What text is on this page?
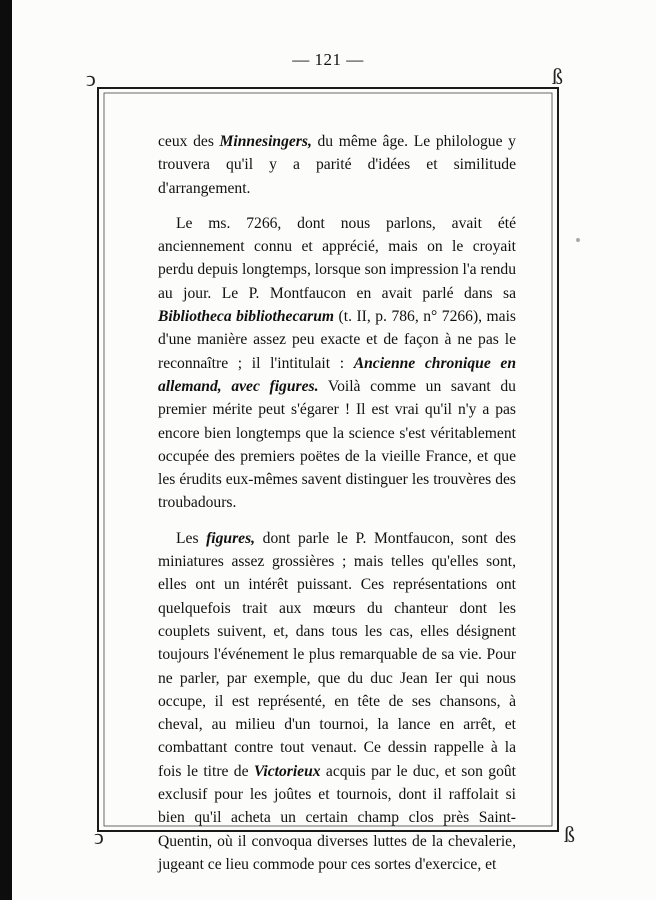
— 121 —
ↄ	ß
ↄ	ß

ceux des Minnesingers, du même âge. Le philologue y trouvera qu'il y a parité d'idées et similitude d'arrangement.

Le ms. 7266, dont nous parlons, avait été anciennement connu et apprécié, mais on le croyait perdu depuis longtemps, lorsque son impression l'a rendu au jour. Le P. Montfaucon en avait parlé dans sa Bibliotheca bibliothecarum (t. II, p. 786, n° 7266), mais d'une manière assez peu exacte et de façon à ne pas le reconnaître ; il l'intitulait : Ancienne chronique en allemand, avec figures. Voilà comme un savant du premier mérite peut s'égarer ! Il est vrai qu'il n'y a pas encore bien longtemps que la science s'est véritablement occupée des premiers poëtes de la vieille France, et que les érudits eux-mêmes savent distinguer les trouvères des troubadours.

Les figures, dont parle le P. Montfaucon, sont des miniatures assez grossières ; mais telles qu'elles sont, elles ont un intérêt puissant. Ces représentations ont quelquefois trait aux mœurs du chanteur dont les couplets suivent, et, dans tous les cas, elles désignent toujours l'événement le plus remarquable de sa vie. Pour ne parler, par exemple, que du duc Jean Ier qui nous occupe, il est représenté, en tête de ses chansons, à cheval, au milieu d'un tournoi, la lance en arrêt, et combattant contre tout venaut. Ce dessin rappelle à la fois le titre de Victorieux acquis par le duc, et son goût exclusif pour les joûtes et tournois, dont il raffolait si bien qu'il acheta un certain champ clos près Saint-Quentin, où il convoqua diverses luttes de la chevalerie, jugeant ce lieu commode pour ces sortes d'exercice, et
